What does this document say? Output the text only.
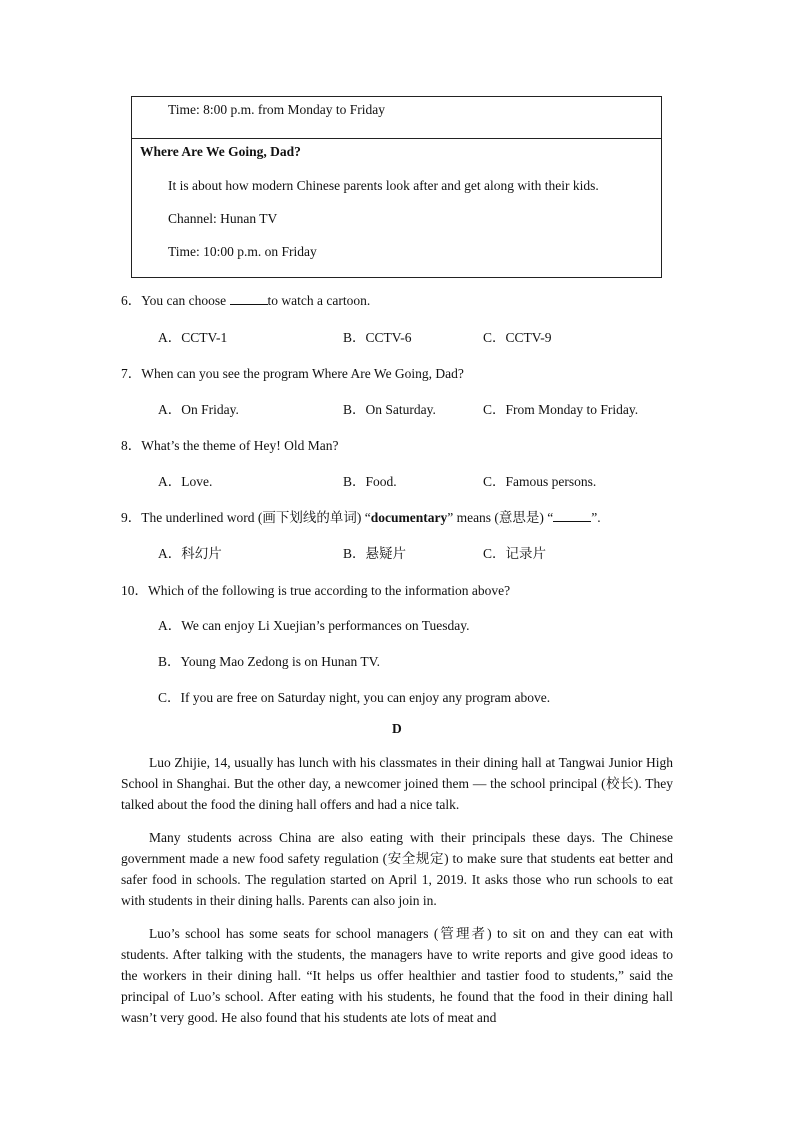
Time: 8:00 p.m. from Monday to Friday
Where Are We Going, Dad?
It is about how modern Chinese parents look after and get along with their kids.
Channel: Hunan TV
Time: 10:00 p.m. on Friday
6．You can choose	to watch a cartoon.
A．CCTV-1	B．CCTV-6	C．CCTV-9
7．When can you see the program Where Are We Going, Dad?
A．On Friday.	B．On Saturday.	C．From Monday to Friday.
8．What’s the theme of Hey! Old Man?
A．Love.	B．Food.	C．Famous persons.
9．The underlined word (画下划线的单词) “documentary” means (意思是) “	”.
A．科幻片	B．悬疑片	C．记录片
10．Which of the following is true according to the information above?
A．We can enjoy Li Xuejian’s performances on Tuesday.
B．Young Mao Zedong is on Hunan TV.
C．If you are free on Saturday night, you can enjoy any program above.
D
Luo Zhijie, 14, usually has lunch with his classmates in their dining hall at Tangwai Junior High School in Shanghai. But the other day, a newcomer joined them — the school principal (校长). They talked about the food the dining hall offers and had a nice talk.
Many students across China are also eating with their principals these days. The Chinese government made a new food safety regulation (安全规定) to make sure that students eat better and safer food in schools. The regulation started on April 1, 2019. It asks those who run schools to eat with students in their dining halls. Parents can also join in.
Luo’s school has some seats for school managers (管理者) to sit on and they can eat with students. After talking with the students, the managers have to write reports and give good ideas to the workers in their dining hall. “It helps us offer healthier and tastier food to students,” said the principal of Luo’s school. After eating with his students, he found that the food in their dining hall wasn’t very good. He also found that his students ate lots of meat and
